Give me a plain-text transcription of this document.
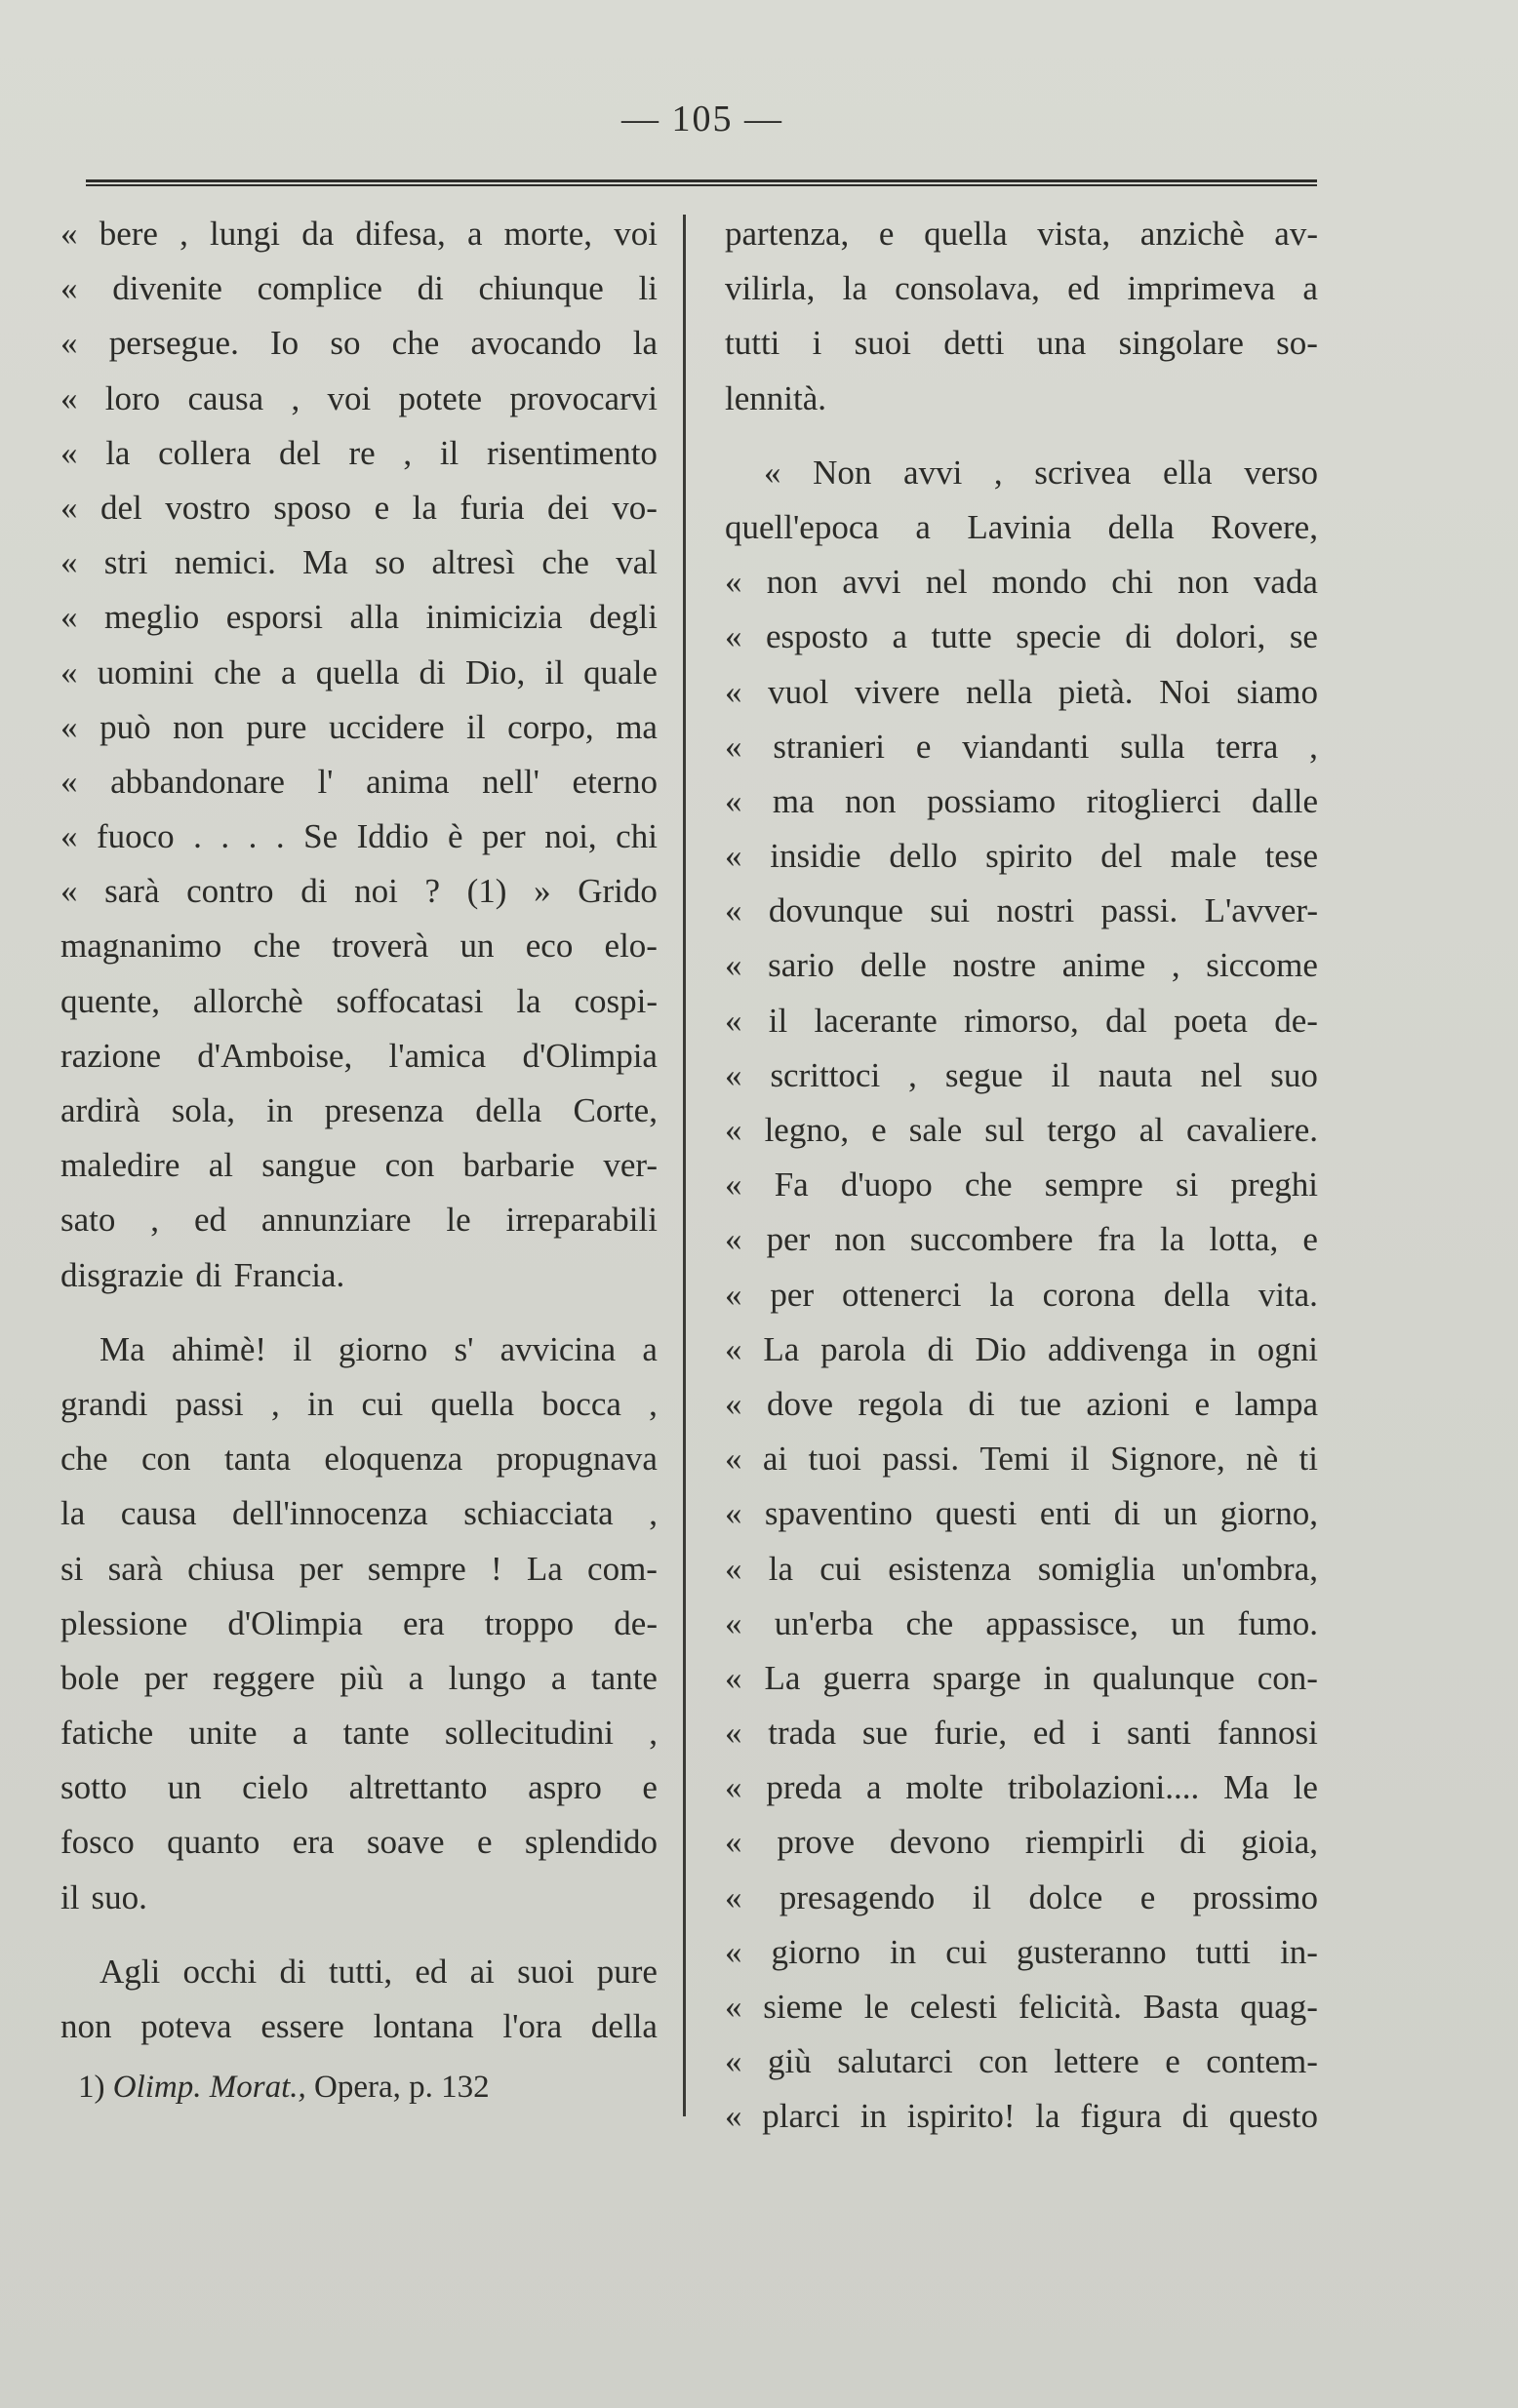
— 105 —
« bere , lungi da difesa, a morte, voi
« divenite complice di chiunque li
« persegue. Io so che avocando la
« loro causa , voi potete provocarvi
« la collera del re , il risentimento
« del vostro sposo e la furia dei vo-
« stri nemici. Ma so altresì che val
« meglio esporsi alla inimicizia degli
« uomini che a quella di Dio, il quale
« può non pure uccidere il corpo, ma
« abbandonare l' anima nell' eterno
« fuoco . . . . Se Iddio è per noi, chi
« sarà contro di noi ? (1) » Grido
magnanimo che troverà un eco elo-
quente, allorchè soffocatasi la cospi-
razione d'Amboise, l'amica d'Olimpia
ardirà sola, in presenza della Corte,
maledire al sangue con barbarie ver-
sato , ed annunziare le irreparabili
disgrazie di Francia.
Ma ahimè! il giorno s' avvicina a
grandi passi , in cui quella bocca ,
che con tanta eloquenza propugnava
la causa dell'innocenza schiacciata ,
si sarà chiusa per sempre ! La com-
plessione d'Olimpia era troppo de-
bole per reggere più a lungo a tante
fatiche unite a tante sollecitudini ,
sotto un cielo altrettanto aspro e
fosco quanto era soave e splendido
il suo.
Agli occhi di tutti, ed ai suoi pure
non poteva essere lontana l'ora della
partenza, e quella vista, anzichè av-
vilirla, la consolava, ed imprimeva a
tutti i suoi detti una singolare so-
lennità.
« Non avvi , scrivea ella verso
quell'epoca a Lavinia della Rovere,
« non avvi nel mondo chi non vada
« esposto a tutte specie di dolori, se
« vuol vivere nella pietà. Noi siamo
« stranieri e viandanti sulla terra ,
« ma non possiamo ritoglierci dalle
« insidie dello spirito del male tese
« dovunque sui nostri passi. L'avver-
« sario delle nostre anime , siccome
« il lacerante rimorso, dal poeta de-
« scrittoci , segue il nauta nel suo
« legno, e sale sul tergo al cavaliere.
« Fa d'uopo che sempre si preghi
« per non succombere fra la lotta, e
« per ottenerci la corona della vita.
« La parola di Dio addivenga in ogni
« dove regola di tue azioni e lampa
« ai tuoi passi. Temi il Signore, nè ti
« spaventino questi enti di un giorno,
« la cui esistenza somiglia un'ombra,
« un'erba che appassisce, un fumo.
« La guerra sparge in qualunque con-
« trada sue furie, ed i santi fannosi
« preda a molte tribolazioni.... Ma le
« prove devono riempirli di gioia,
« presagendo il dolce e prossimo
« giorno in cui gusteranno tutti in-
« sieme le celesti felicità. Basta quag-
« giù salutarci con lettere e contem-
« plarci in ispirito! la figura di questo
1) Olimp. Morat., Opera, p. 132
